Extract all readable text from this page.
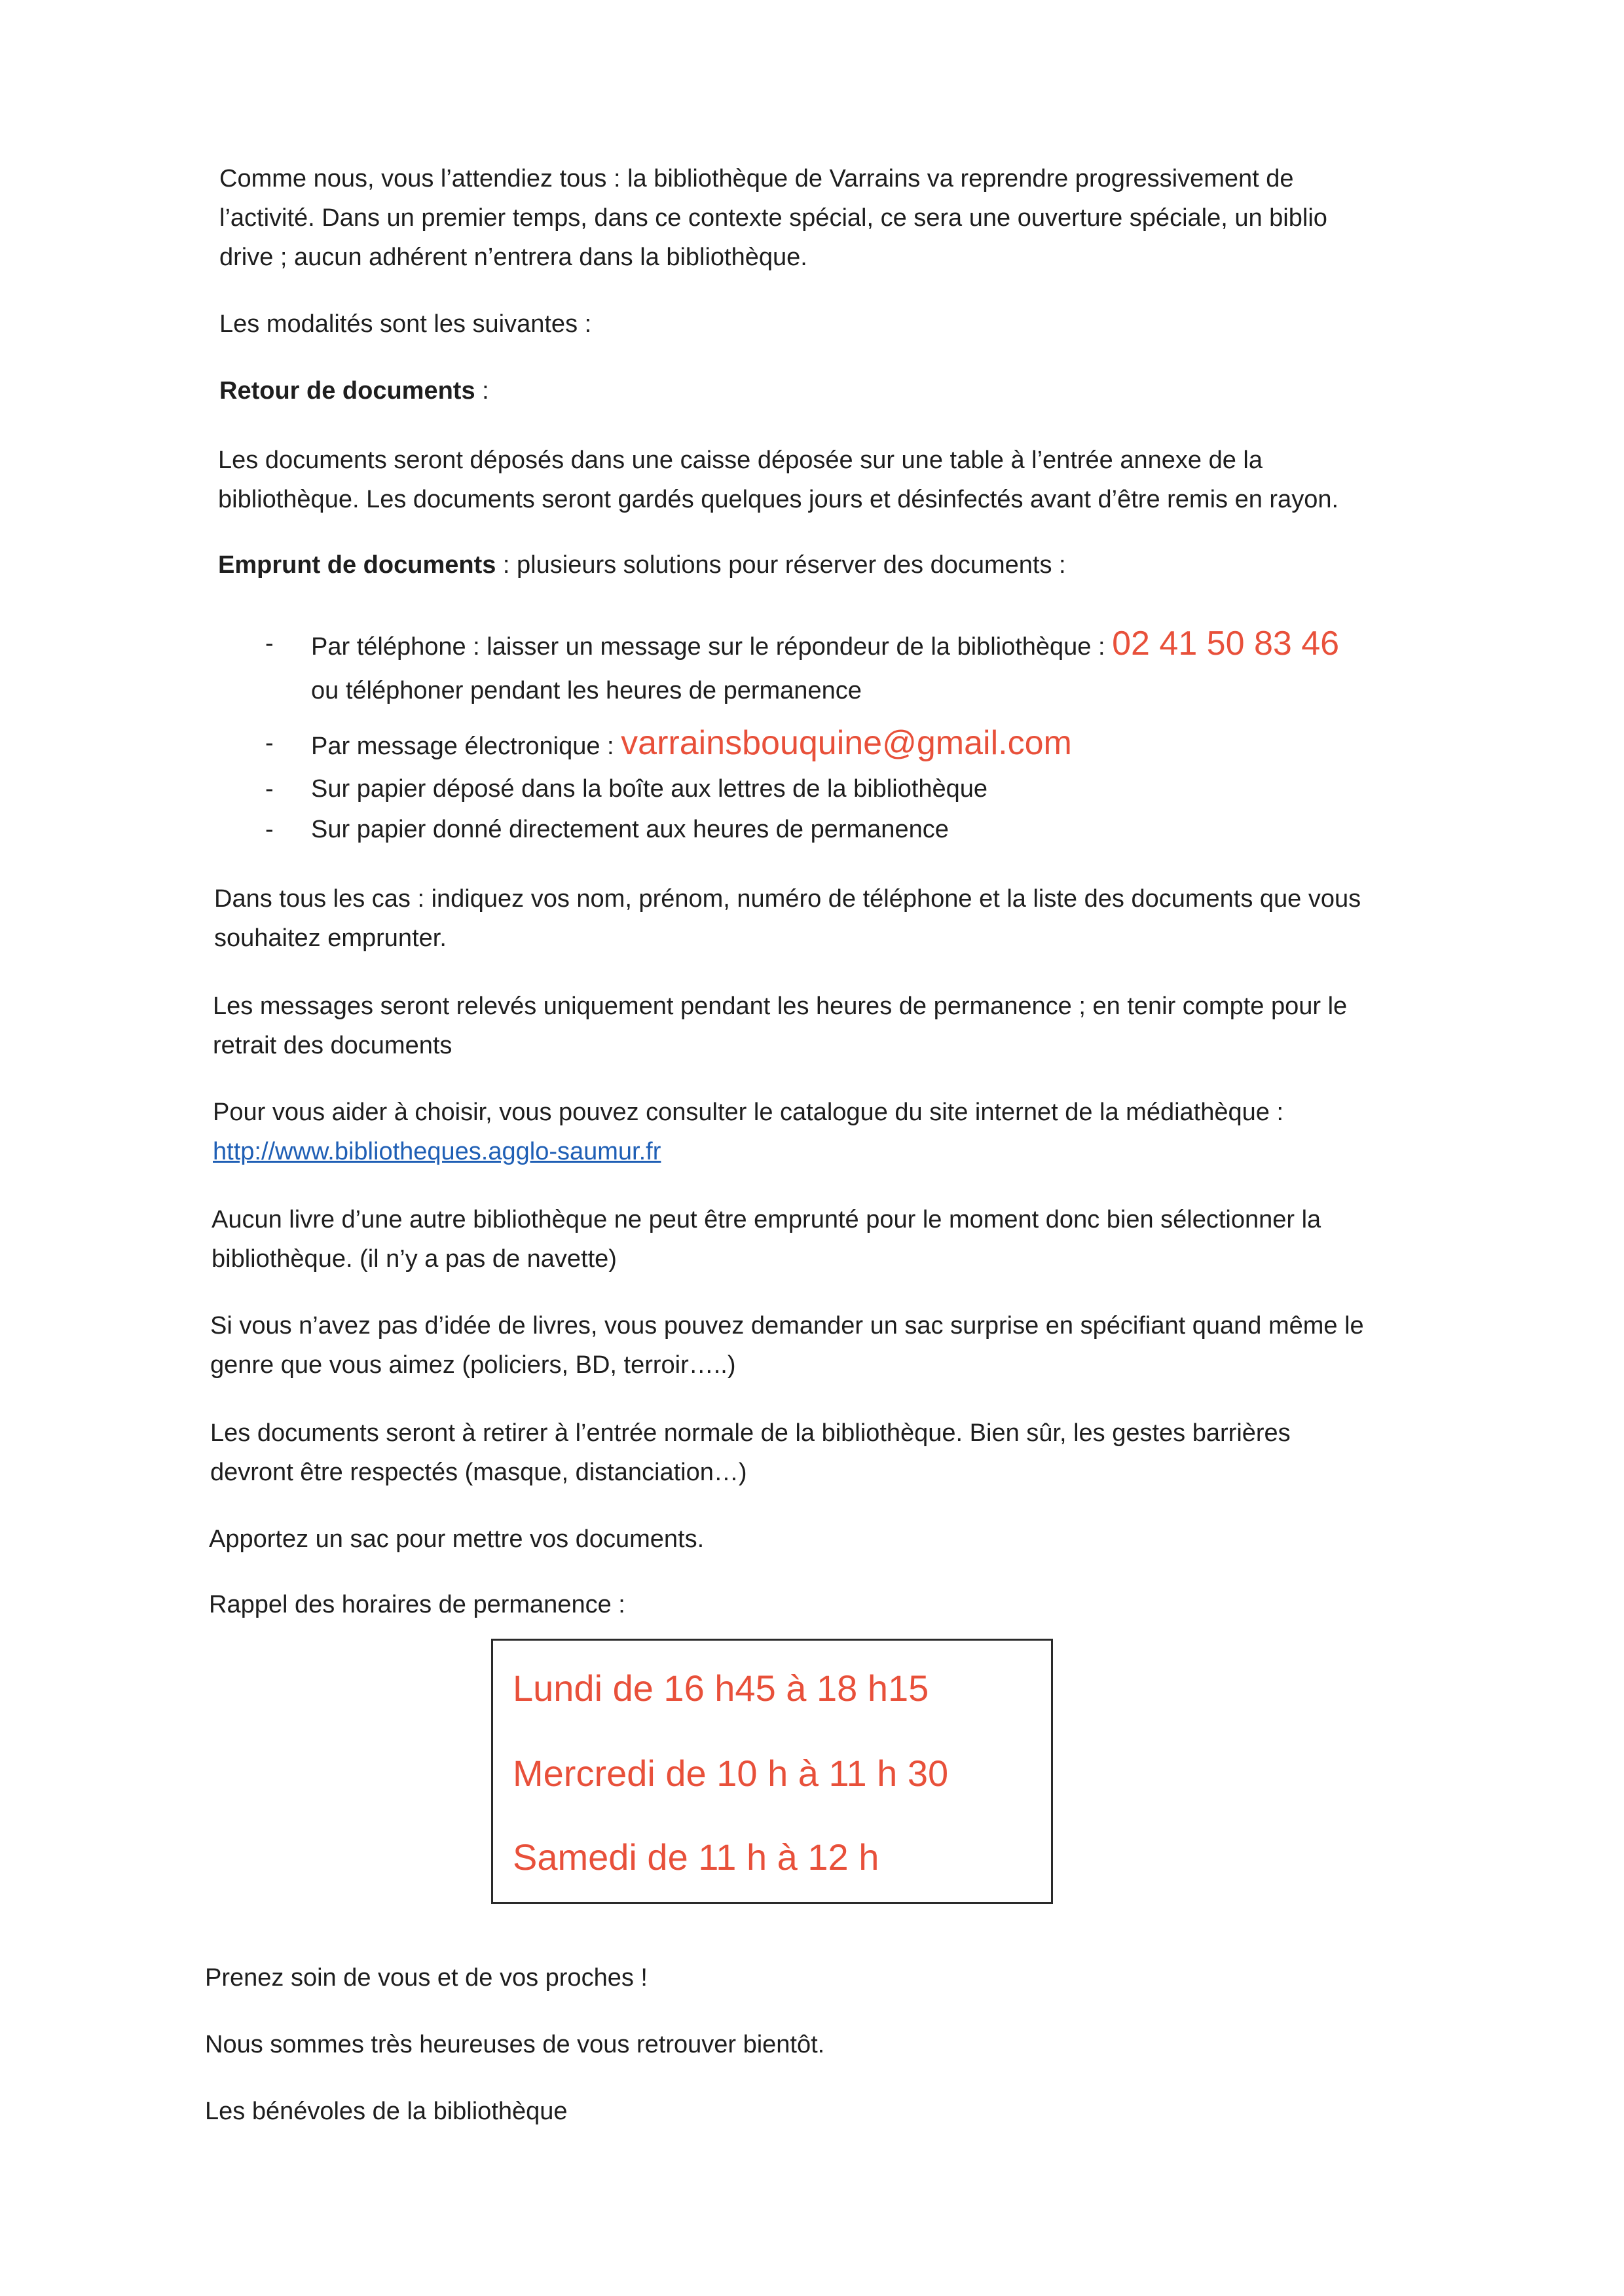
Comme nous, vous l’attendiez tous : la bibliothèque de Varrains va reprendre progressivement de

l’activité. Dans un premier temps, dans ce contexte spécial, ce sera une ouverture spéciale, un biblio

drive ; aucun adhérent n’entrera dans la bibliothèque.

Les modalités sont les suivantes :

Retour de documents :

Les documents seront déposés dans une caisse déposée sur une table à l’entrée annexe de la

bibliothèque. Les documents seront gardés quelques jours et désinfectés avant d’être remis en rayon.

Emprunt de documents : plusieurs solutions pour réserver des documents :

- Par téléphone : laisser un message sur le répondeur de la bibliothèque : 02 41 50 83 46

ou téléphoner pendant les heures de permanence

- Par message électronique : varrainsbouquine@gmail.com

- Sur papier déposé dans la boîte aux lettres de la bibliothèque

- Sur papier donné directement aux heures de permanence

Dans tous les cas : indiquez vos nom, prénom, numéro de téléphone et la liste des documents que vous

souhaitez emprunter.

Les messages seront relevés uniquement pendant les heures de permanence ; en tenir compte pour le

retrait des documents

Pour vous aider à choisir, vous pouvez consulter le catalogue du site internet de la médiathèque :

http://www.bibliotheques.agglo-saumur.fr

Aucun livre d’une autre bibliothèque ne peut être emprunté pour le moment donc bien sélectionner la

bibliothèque. (il n’y a pas de navette)

Si vous n’avez pas d’idée de livres, vous pouvez demander un sac surprise en spécifiant quand même le

genre que vous aimez (policiers, BD, terroir…..)

Les documents seront à retirer à l’entrée normale de la bibliothèque. Bien sûr, les gestes barrières

devront être respectés (masque, distanciation…)

Apportez un sac pour mettre vos documents.

Rappel des horaires de permanence :

Lundi de 16 h45 à 18 h15
Mercredi de 10 h à 11 h 30
Samedi de 11 h à 12 h

Prenez soin de vous et de vos proches !

Nous sommes très heureuses de vous retrouver bientôt.

Les bénévoles de la bibliothèque
